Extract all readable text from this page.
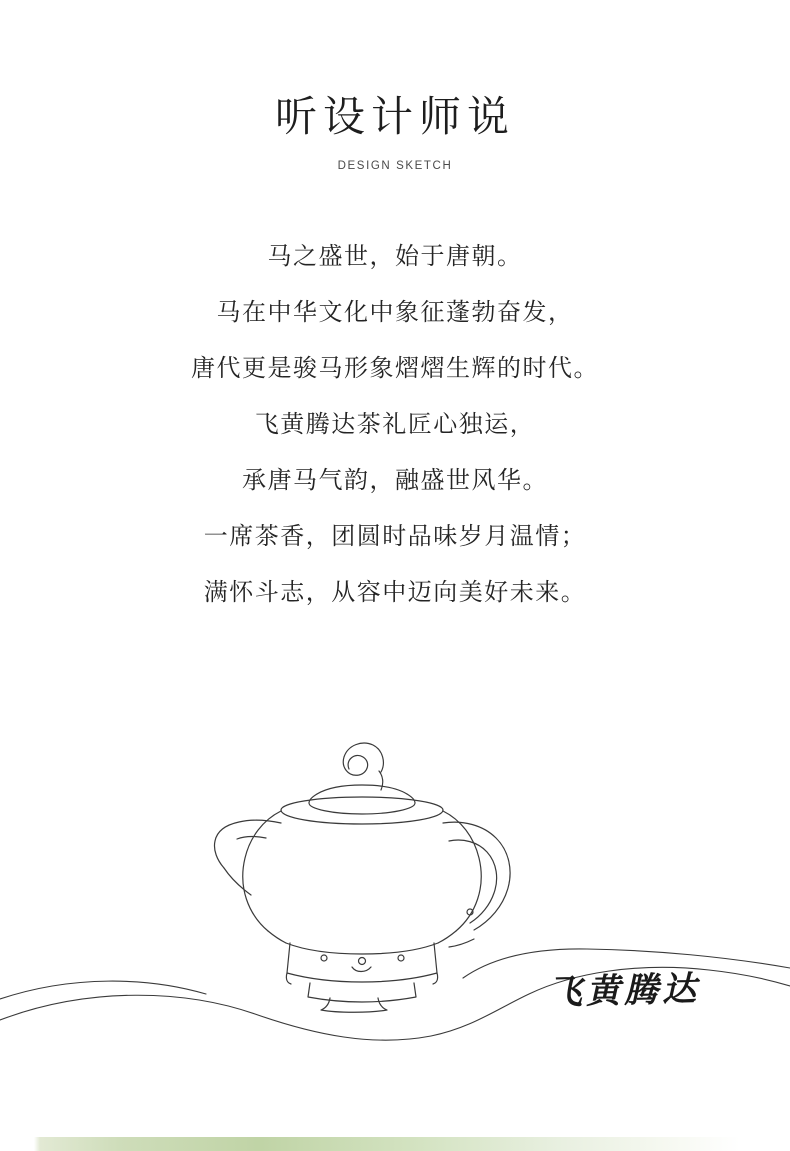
听设计师说
DESIGN SKETCH
马之盛世，始于唐朝。
马在中华文化中象征蓬勃奋发，
唐代更是骏马形象熠熠生辉的时代。
飞黄腾达茶礼匠心独运，
承唐马气韵，融盛世风华。
一席茶香，团圆时品味岁月温情；
满怀斗志，从容中迈向美好未来。
飞黄腾达
